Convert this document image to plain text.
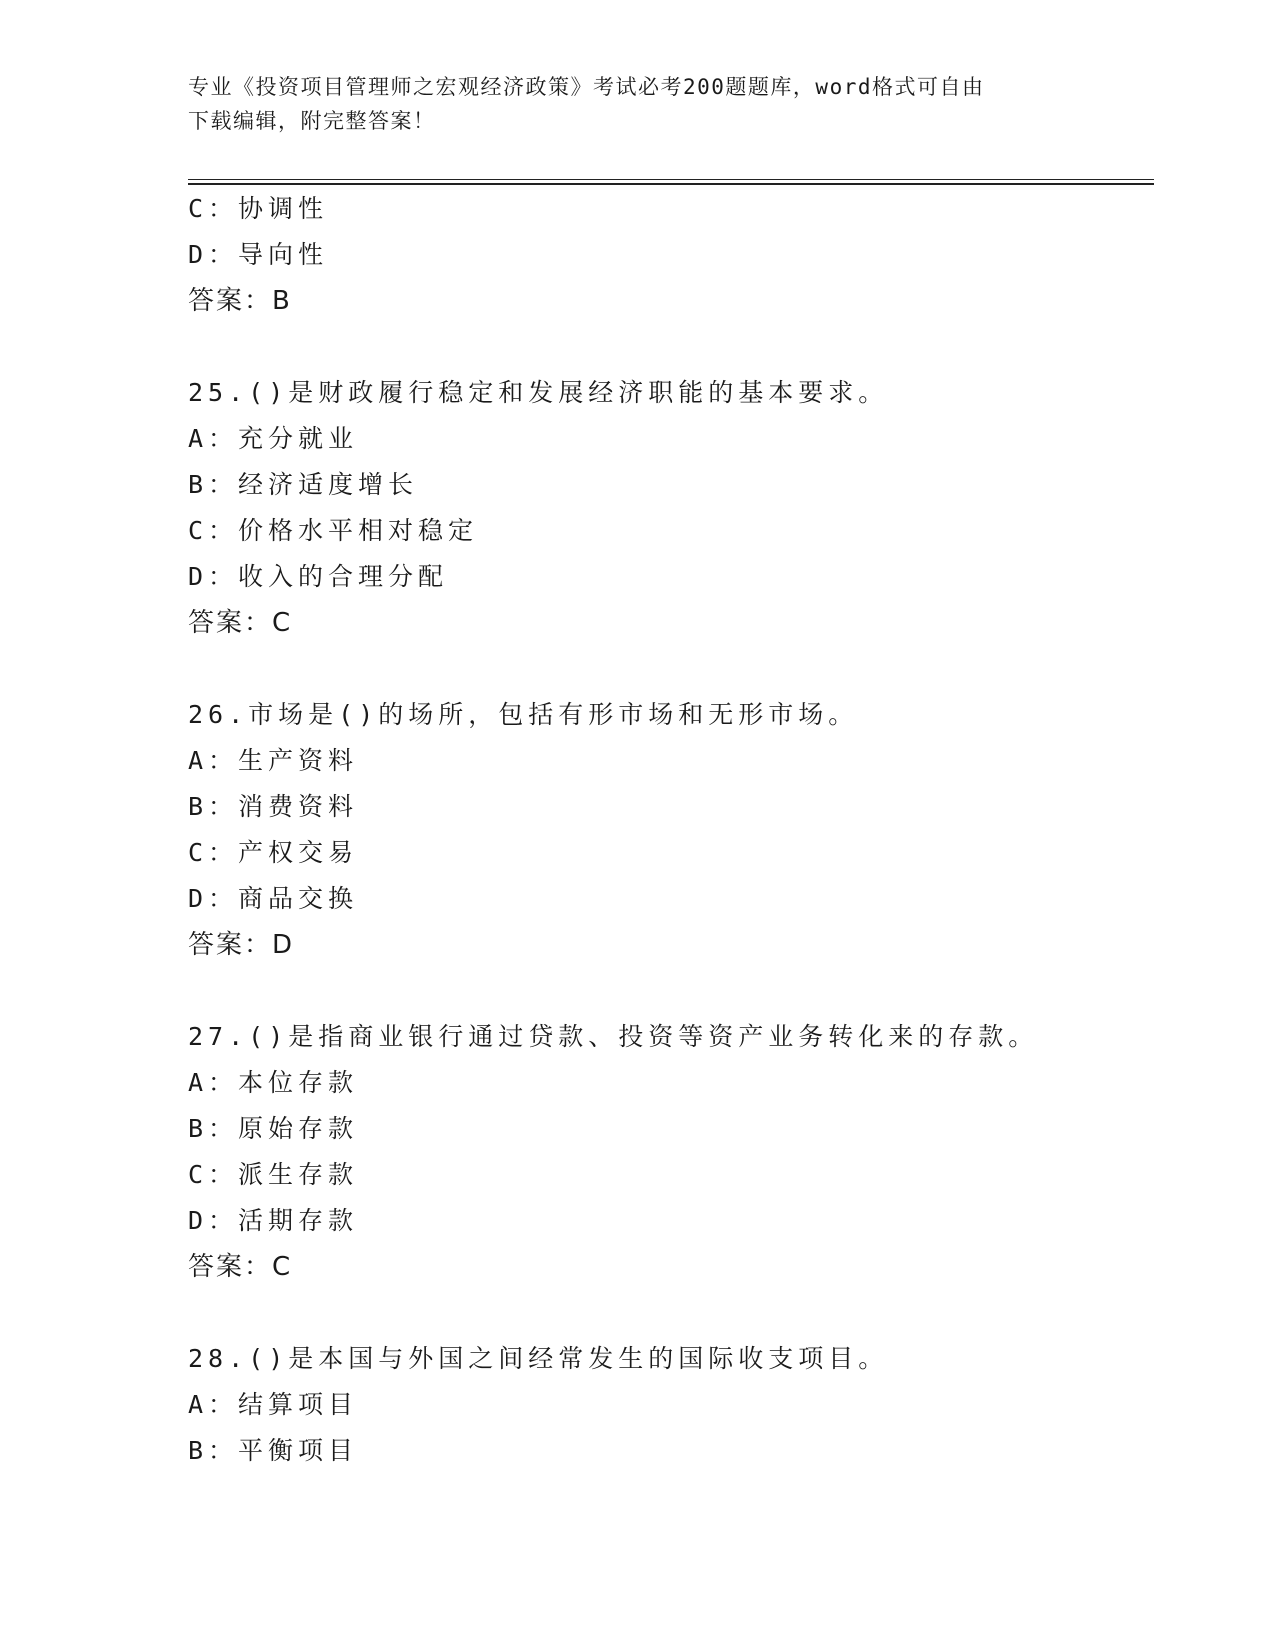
专业《投资项目管理师之宏观经济政策》考试必考200题题库，word格式可自由
下载编辑，附完整答案！
C：协调性
D：导向性
答案：B
25.()是财政履行稳定和发展经济职能的基本要求。
A：充分就业
B：经济适度增长
C：价格水平相对稳定
D：收入的合理分配
答案：C
26.市场是()的场所，包括有形市场和无形市场。
A：生产资料
B：消费资料
C：产权交易
D：商品交换
答案：D
27.()是指商业银行通过贷款、投资等资产业务转化来的存款。
A：本位存款
B：原始存款
C：派生存款
D：活期存款
答案：C
28.()是本国与外国之间经常发生的国际收支项目。
A：结算项目
B：平衡项目
